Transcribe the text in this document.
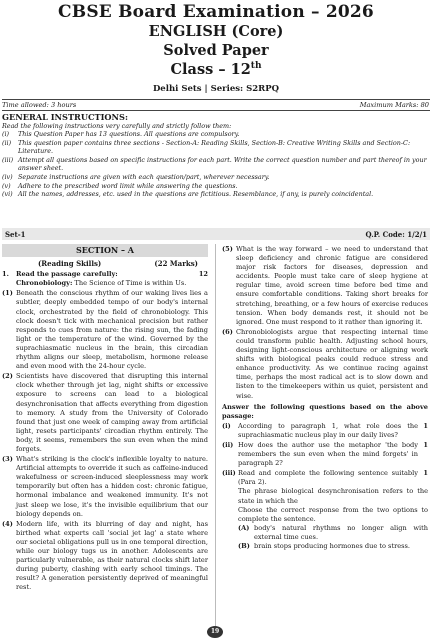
CBSE Board Examination – 2026
ENGLISH (Core)
Solved Paper
Class – 12th
Delhi Sets | Series: S2RPQ
Time allowed: 3 hours	Maximum Marks: 80
GENERAL INSTRUCTIONS:
Read the following instructions very carefully and strictly follow them:
(i)	This Question Paper has 13 questions. All questions are compulsory.
(ii)	This question paper contains three sections - Section-A: Reading Skills, Section-B: Creative Writing Skills and Section-C: Literature.
(iii) Attempt all questions based on specific instructions for each part. Write the correct question number and part thereof in your answer sheet.
(iv) Separate instructions are given with each question/part, wherever necessary.
(v)	Adhere to the prescribed word limit while answering the questions.
(vi) All the names, addresses, etc. used in the questions are fictitious. Resemblance, if any, is purely coincidental.
Set-1	Q.P. Code: 1/2/1
SECTION – A
(Reading Skills)	(22 Marks)
1.	Read the passage carefully:	12
Chronobiology: The Science of Time is within Us.
(1) Beneath the conscious rhythm of our waking lives lies a subtler, deeply embedded tempo of our body's internal clock, orchestrated by the field of chronobiology. This clock doesn't tick with mechanical precision but rather responds to cues from nature: the rising sun, the fading light or the temperature of the wind. Governed by the suprachiasmatic nucleus in the brain, this circadian rhythm aligns our sleep, metabolism, hormone release and even mood with the 24-hour cycle.
(2) Scientists have discovered that disrupting this internal clock whether through jet lag, night shifts or excessive exposure to screens can lead to a biological desynchronisation that affects everything from digestion to memory. A study from the University of Colorado found that just one week of camping away from artificial light, resets participants' circadian rhythm entirely. The body, it seems, remembers the sun even when the mind forgets.
(3) What's striking is the clock's inflexible loyalty to nature. Artificial attempts to override it such as caffeine-induced wakefulness or screen-induced sleeplessness may work temporarily but often has a hidden cost: chronic fatigue, hormonal imbalance and weakened immunity. It's not just sleep we lose, it's the invisible equilibrium that our biology depends on.
(4) Modern life, with its blurring of day and night, has birthed what experts call 'social jet lag' a state where our societal obligations pull us in one temporal direction, while our biology tugs us in another. Adolescents are particularly vulnerable, as their natural clocks shift later during puberty, clashing with early school timings. The result? A generation persistently deprived of meaningful rest.
(5) What is the way forward – we need to understand that sleep deficiency and chronic fatigue are considered major risk factors for diseases, depression and accidents. People must take care of sleep hygiene at regular time, avoid screen time before bed time and ensure comfortable conditions. Taking short breaks for stretching, breathing, or a few hours of exercise reduces tension. When body demands rest, it should not be ignored. One must respond to it rather than ignoring it.
(6) Chronobiologists argue that respecting internal time could transform public health. Adjusting school hours, designing light-conscious architecture or aligning work shifts with biological peaks could reduce stress and enhance productivity. As we continue racing against time, perhaps the most radical act is to slow down and listen to the timekeepers within us quiet, persistent and wise.
Answer the following questions based on the above passage:
(i)	According to paragraph 1, what role does the suprachiasmatic nucleus play in our daily lives?
1
(ii) How does the author use the metaphor 'the body remembers the sun even when the mind forgets' in paragraph 2?
1
(iii) Read and complete the following sentence suitably (Para 2).
1
The phrase biological desynchronisation refers to the state in which the
Choose the correct response from the two options to complete the sentence.
(A) body's natural rhythms no longer align with external time cues.
(B) brain stops producing hormones due to stress.
19
